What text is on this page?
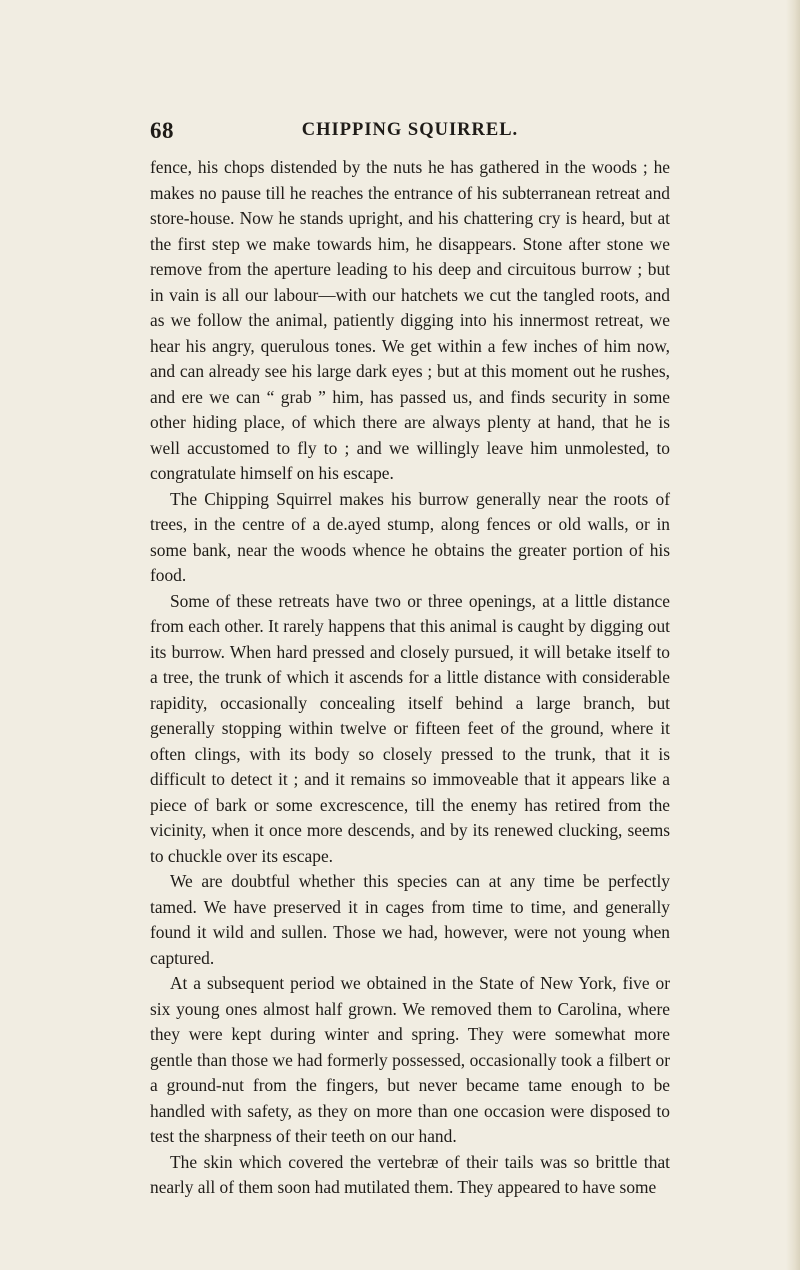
68	CHIPPING SQUIRREL.

fence, his chops distended by the nuts he has gathered in the woods ; he makes no pause till he reaches the entrance of his subterranean retreat and store-house. Now he stands upright, and his chattering cry is heard, but at the first step we make towards him, he disappears. Stone after stone we remove from the aperture leading to his deep and circuitous burrow ; but in vain is all our labour—with our hatchets we cut the tangled roots, and as we follow the animal, patiently digging into his innermost retreat, we hear his angry, querulous tones. We get within a few inches of him now, and can already see his large dark eyes ; but at this moment out he rushes, and ere we can “ grab ” him, has passed us, and finds security in some other hiding place, of which there are always plenty at hand, that he is well accustomed to fly to ; and we willingly leave him unmolested, to congratulate himself on his escape.

The Chipping Squirrel makes his burrow generally near the roots of trees, in the centre of a de.ayed stump, along fences or old walls, or in some bank, near the woods whence he obtains the greater portion of his food.

Some of these retreats have two or three openings, at a little distance from each other. It rarely happens that this animal is caught by digging out its burrow. When hard pressed and closely pursued, it will betake itself to a tree, the trunk of which it ascends for a little distance with considerable rapidity, occasionally concealing itself behind a large branch, but generally stopping within twelve or fifteen feet of the ground, where it often clings, with its body so closely pressed to the trunk, that it is difficult to detect it ; and it remains so immoveable that it appears like a piece of bark or some excrescence, till the enemy has retired from the vicinity, when it once more descends, and by its renewed clucking, seems to chuckle over its escape.

We are doubtful whether this species can at any time be perfectly tamed. We have preserved it in cages from time to time, and generally found it wild and sullen. Those we had, however, were not young when captured.

At a subsequent period we obtained in the State of New York, five or six young ones almost half grown. We removed them to Carolina, where they were kept during winter and spring. They were somewhat more gentle than those we had formerly possessed, occasionally took a filbert or a ground-nut from the fingers, but never became tame enough to be handled with safety, as they on more than one occasion were disposed to test the sharpness of their teeth on our hand.

The skin which covered the vertebræ of their tails was so brittle that nearly all of them soon had mutilated them. They appeared to have some
